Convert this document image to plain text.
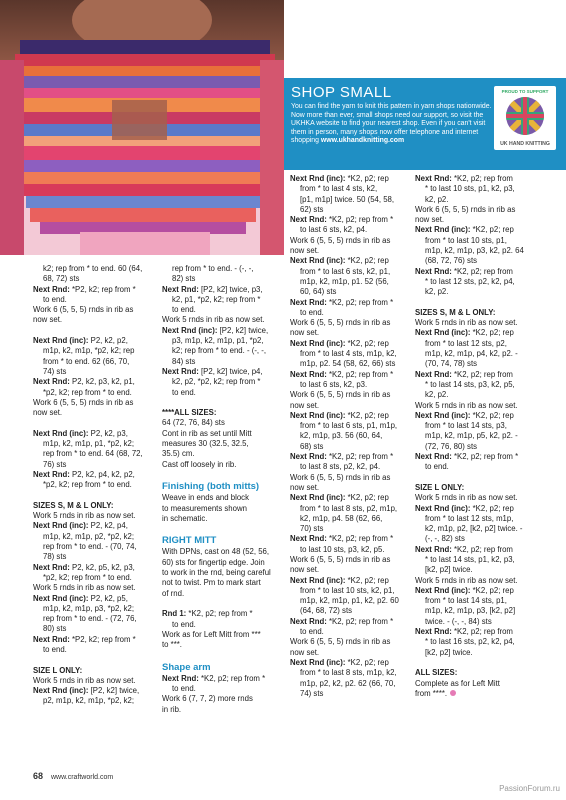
SHOP SMALL

You can find the yarn to knit this pattern in yarn shops nationwide. Now more than ever, small shops need our support, so visit the UKHKA website to find your nearest shop. Even if you can't visit them in person, many shops now offer telephone and internet shopping www.ukhandknitting.com

PROUD TO SUPPORT
UK HAND KNITTING

k2; rep from * to end. 60 (64,

68, 72) sts

Next Rnd: *P2, k2; rep from *

to end.

Work 6 (5, 5, 5) rnds in rib as

now set.

Next Rnd (inc): P2, k2, p2,

m1p, k2, m1p, *p2, k2; rep

from * to end. 62 (66, 70,

74) sts

Next Rnd: P2, k2, p3, k2, p1,

*p2, k2; rep from * to end.

Work 6 (5, 5, 5) rnds in rib as

now set.

Next Rnd (inc): P2, k2, p3,

m1p, k2, m1p, p1, *p2, k2;

rep from * to end. 64 (68, 72,

76) sts

Next Rnd: P2, k2, p4, k2, p2,

*p2, k2; rep from * to end.

SIZES S, M & L ONLY:

Work 5 rnds in rib as now set.

Next Rnd (inc): P2, k2, p4,

m1p, k2, m1p, p2, *p2, k2;

rep from * to end. - (70, 74,

78) sts

Next Rnd: P2, k2, p5, k2, p3,

*p2, k2; rep from * to end.

Work 5 rnds in rib as now set.

Next Rnd (inc): P2, k2, p5,

m1p, k2, m1p, p3, *p2, k2;

rep from * to end. - (72, 76,

80) sts

Next Rnd: *P2, k2; rep from *

to end.

SIZE L ONLY:

Work 5 rnds in rib as now set.

Next Rnd (inc): [P2, k2] twice,

p2, m1p, k2, m1p, *p2, k2;

rep from * to end. - (-, -,

82) sts

Next Rnd: [P2, k2] twice, p3,

k2, p1, *p2, k2; rep from *

to end.

Work 5 rnds in rib as now set.

Next Rnd (inc): [P2, k2] twice,

p3, m1p, k2, m1p, p1, *p2,

k2; rep from * to end. - (-, -,

84) sts

Next Rnd: [P2, k2] twice, p4,

k2, p2, *p2, k2; rep from *

to end.

****ALL SIZES:

64 (72, 76, 84) sts

Cont in rib as set until Mitt

measures 30 (32.5, 32.5,

35.5) cm.

Cast off loosely in rib.

Finishing (both mitts)

Weave in ends and block

to measurements shown

in schematic.

RIGHT MITT

With DPNs, cast on 48 (52, 56,

60) sts for fingertip edge. Join

to work in the rnd, being careful

not to twist. Pm to mark start

of rnd.

Rnd 1: *K2, p2; rep from *

to end.

Work as for Left Mitt from ***

to ***.

Shape arm

Next Rnd: *K2, p2; rep from *

to end.

Work 6 (7, 7, 2) more rnds

in rib.

Next Rnd (inc): *K2, p2; rep

from * to last 4 sts, k2,

[p1, m1p] twice. 50 (54, 58,

62) sts

Next Rnd: *K2, p2; rep from *

to last 6 sts, k2, p4.

Work 6 (5, 5, 5) rnds in rib as

now set.

Next Rnd (inc): *K2, p2; rep

from * to last 6 sts, k2, p1,

m1p, k2, m1p, p1. 52 (56,

60, 64) sts

Next Rnd: *K2, p2; rep from *

to end.

Work 6 (5, 5, 5) rnds in rib as

now set.

Next Rnd (inc): *K2, p2; rep

from * to last 4 sts, m1p, k2,

m1p, p2. 54 (58, 62, 66) sts

Next Rnd: *K2, p2; rep from *

to last 6 sts, k2, p3.

Work 6 (5, 5, 5) rnds in rib as

now set.

Next Rnd (inc): *K2, p2; rep

from * to last 6 sts, p1, m1p,

k2, m1p, p3. 56 (60, 64,

68) sts

Next Rnd: *K2, p2; rep from *

to last 8 sts, p2, k2, p4.

Work 6 (5, 5, 5) rnds in rib as

now set.

Next Rnd (inc): *K2, p2; rep

from * to last 8 sts, p2, m1p,

k2, m1p, p4. 58 (62, 66,

70) sts

Next Rnd: *K2, p2; rep from *

to last 10 sts, p3, k2, p5.

Work 6 (5, 5, 5) rnds in rib as

now set.

Next Rnd (inc): *K2, p2; rep

from * to last 10 sts, k2, p1,

m1p, k2, m1p, p1, k2, p2. 60

(64, 68, 72) sts

Next Rnd: *K2, p2; rep from *

to end.

Work 6 (5, 5, 5) rnds in rib as

now set.

Next Rnd (inc): *K2, p2; rep

from * to last 8 sts, m1p, k2,

m1p, p2, k2, p2. 62 (66, 70,

74) sts

Next Rnd: *K2, p2; rep from

* to last 10 sts, p1, k2, p3,

k2, p2.

Work 6 (5, 5, 5) rnds in rib as

now set.

Next Rnd (inc): *K2, p2; rep

from * to last 10 sts, p1,

m1p, k2, m1p, p3, k2, p2. 64

(68, 72, 76) sts

Next Rnd: *K2, p2; rep from

* to last 12 sts, p2, k2, p4,

k2, p2.

SIZES S, M & L ONLY:

Work 5 rnds in rib as now set.

Next Rnd (inc): *K2, p2; rep

from * to last 12 sts, p2,

m1p, k2, m1p, p4, k2, p2. -

(70, 74, 78) sts

Next Rnd: *K2, p2; rep from

* to last 14 sts, p3, k2, p5,

k2, p2.

Work 5 rnds in rib as now set.

Next Rnd (inc): *K2, p2; rep

from * to last 14 sts, p3,

m1p, k2, m1p, p5, k2, p2. -

(72, 76, 80) sts

Next Rnd: *K2, p2; rep from *

to end.

SIZE L ONLY:

Work 5 rnds in rib as now set.

Next Rnd (inc): *K2, p2; rep

from * to last 12 sts, m1p,

k2, m1p, p2, [k2, p2] twice. -

(-, -, 82) sts

Next Rnd: *K2, p2; rep from

* to last 14 sts, p1, k2, p3,

[k2, p2] twice.

Work 5 rnds in rib as now set.

Next Rnd (inc): *K2, p2; rep

from * to last 14 sts, p1,

m1p, k2, m1p, p3, [k2, p2]

twice. - (-, -, 84) sts

Next Rnd: *K2, p2; rep from

* to last 16 sts, p2, k2, p4,

[k2, p2] twice.

ALL SIZES:

Complete as for Left Mitt

from ****.

68 www.craftworld.com
PassionForum.ru
